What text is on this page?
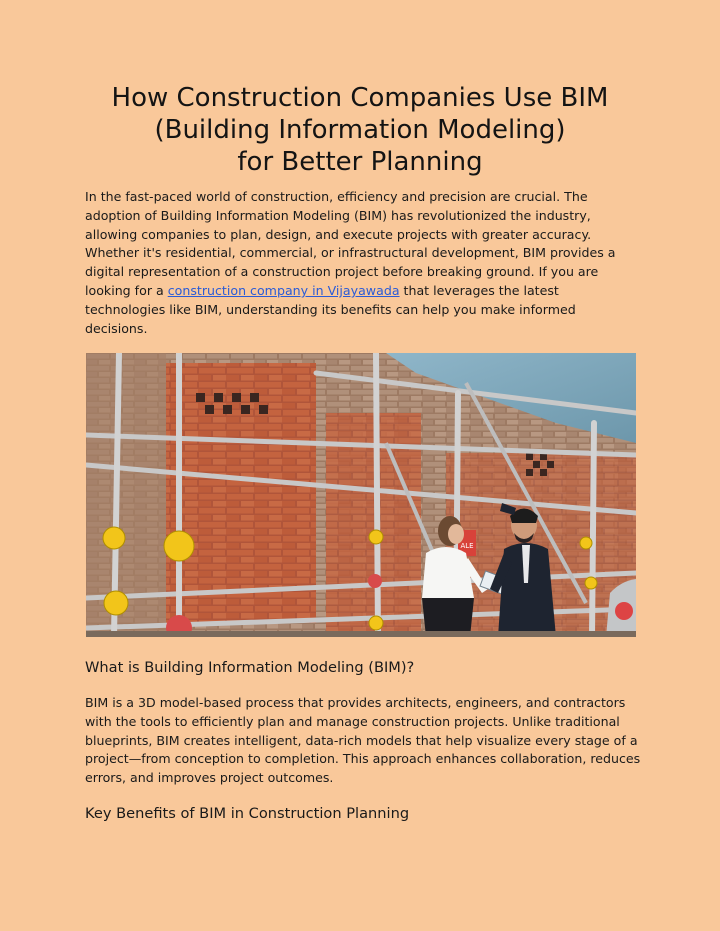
How Construction Companies Use BIM
(Building Information Modeling)
for Better Planning

In the fast-paced world of construction, efficiency and precision are crucial. The
adoption of Building Information Modeling (BIM) has revolutionized the industry,
allowing companies to plan, design, and execute projects with greater accuracy.
Whether it's residential, commercial, or infrastructural development, BIM provides a
digital representation of a construction project before breaking ground. If you are
looking for a construction company in Vijayawada that leverages the latest
technologies like BIM, understanding its benefits can help you make informed
decisions.

ALE
What is Building Information Modeling (BIM)?

BIM is a 3D model-based process that provides architects, engineers, and contractors
with the tools to efficiently plan and manage construction projects. Unlike traditional
blueprints, BIM creates intelligent, data-rich models that help visualize every stage of a
project—from conception to completion. This approach enhances collaboration, reduces
errors, and improves project outcomes.

Key Benefits of BIM in Construction Planning
